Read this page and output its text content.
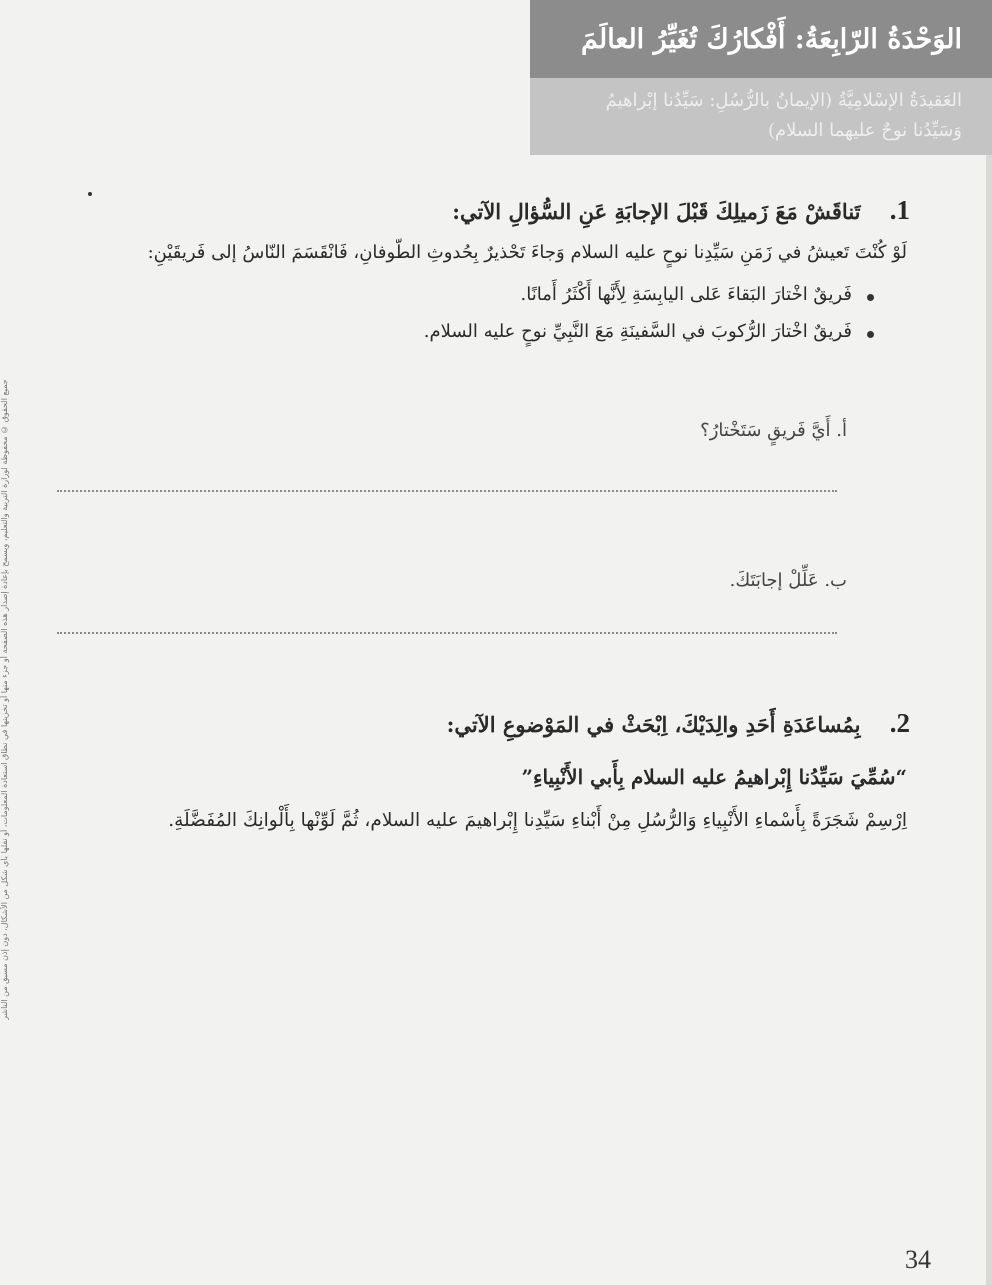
الوَحْدَةُ الرّابِعَةُ: أَفْكارُكَ تُغَيِّرُ العالَمَ
العَقيدَةُ الإسْلامِيَّةُ (الإيمانُ بالرُّسُلِ: سَيِّدُنا إبْراهيمُ وَسَيِّدُنا نوحٌ عليهما السلام)
جميع الحقوق © محفوظة لوزارة التربية والتعليم، ويسمح بإعادة إصدار هذه الصفحة أو جزء منها أو تخزينها في نطاق استعادة المعلومات، أو نقلها بأي شكل من الأشكال، دون إذن مسبق من الناشر
1.    تَناقَشْ مَعَ زَميلِكَ قَبْلَ الإجابَةِ عَنِ السُّؤالِ الآتي:
لَوْ كُنْتَ تَعيشُ في زَمَنِ سَيِّدِنا نوحٍ عليه السلام وَجاءَ تَحْذيرٌ بِحُدوثِ الطّوفانِ، فَانْقَسَمَ النّاسُ إلى فَريقَيْنِ:
فَريقٌ اخْتارَ البَقاءَ عَلى اليابِسَةِ لِأَنَّها أَكْثَرُ أَمانًا.
فَريقٌ اخْتارَ الرُّكوبَ في السَّفينَةِ مَعَ النَّبِيِّ نوحٍ عليه السلام.
أ. أَيَّ فَريقٍ سَتَخْتارُ؟
ب. عَلِّلْ إجابَتَكَ.
2.    بِمُساعَدَةِ أَحَدِ والِدَيْكَ، اِبْحَثْ في المَوْضوعِ الآتي:
“سُمِّيَ سَيِّدُنا إِبْراهيمُ عليه السلام بِأَبي الأَنْبِياءِ”
اِرْسِمْ شَجَرَةً بِأَسْماءِ الأَنْبِياءِ وَالرُّسُلِ مِنْ أَبْناءِ سَيِّدِنا إِبْراهيمَ عليه السلام، ثُمَّ لَوِّنْها بِأَلْوانِكَ المُفَضَّلَةِ.
34
